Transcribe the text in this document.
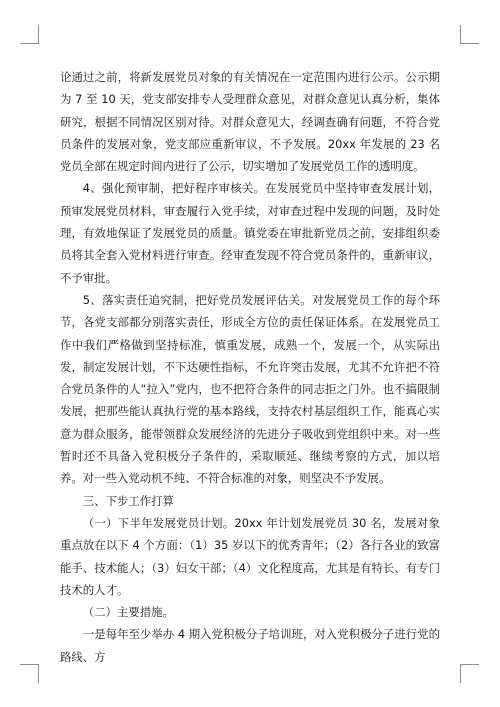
论通过之前，将新发展党员对象的有关情况在一定范围内进行公示。公示期为 7 至 10 天，党支部安排专人受理群众意见，对群众意见认真分析，集体研究，根据不同情况区别对待。对群众意见大，经调查确有问题，不符合党员条件的发展对象，党支部应重新审议，不予发展。20xx 年发展的 23 名党员全部在规定时间内进行了公示，切实增加了发展党员工作的透明度。

4、强化预审制，把好程序审核关。在发展党员中坚持审查发展计划，预审发展党员材料，审查履行入党手续，对审查过程中发现的问题，及时处理，有效地保证了发展党员的质量。镇党委在审批新党员之前，安排组织委员将其全套入党材料进行审查。经审查发现不符合党员条件的，重新审议，不予审批。

5、落实责任追究制，把好党员发展评估关。对发展党员工作的每个环节，各党支部都分别落实责任，形成全方位的责任保证体系。在发展党员工作中我们严格做到坚持标准，慎重发展，成熟一个，发展一个，从实际出发，制定发展计划，不下达硬性指标，不允许突击发展，尤其不允许把不符合党员条件的人“拉入”党内，也不把符合条件的同志拒之门外。也不搞限制发展，把那些能认真执行党的基本路线，支持农村基层组织工作，能真心实意为群众服务，能带领群众发展经济的先进分子吸收到党组织中来。对一些暂时还不具备入党积极分子条件的，采取顺延、继续考察的方式，加以培养。对一些入党动机不纯、不符合标准的对象，则坚决不予发展。

三、下步工作打算

（一）下半年发展党员计划。20xx 年计划发展党员 30 名，发展对象重点放在以下 4 个方面：（1）35 岁以下的优秀青年；（2）各行各业的致富能手、技术能人；（3）妇女干部；（4）文化程度高，尤其是有特长、有专门技术的人才。

（二）主要措施。

一是每年至少举办 4 期入党积极分子培训班，对入党积极分子进行党的路线、方
